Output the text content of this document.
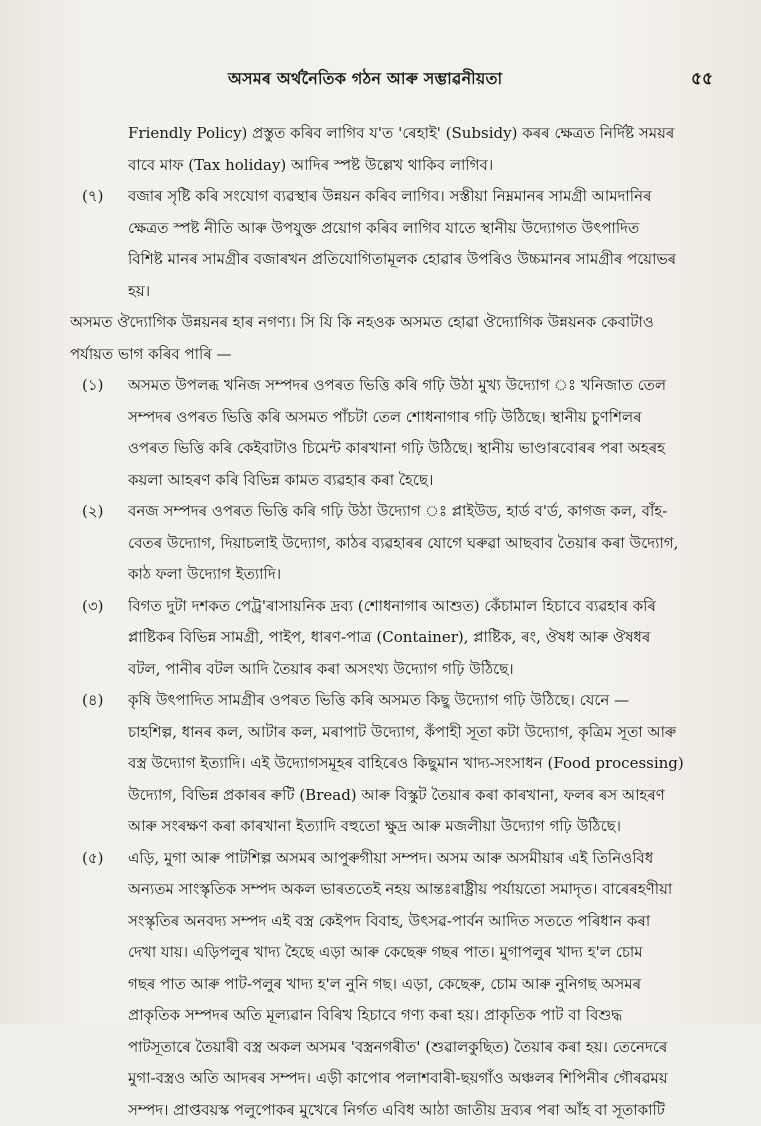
অসমৰ অৰ্থনৈতিক গঠন আৰু সম্ভাৱনীয়তা	৫৫
Friendly Policy) প্ৰস্তুত কৰিব লাগিব য'ত 'ৰেহাই' (Subsidy) কৰৰ ক্ষেত্ৰত নিৰ্দিষ্ট সময়ৰ
বাবে মাফ (Tax holiday) আদিৰ স্পষ্ট উল্লেখ থাকিব লাগিব।
(৭)	বজাৰ সৃষ্টি কৰি সংযোগ ব্যৱস্থাৰ উন্নয়ন কৰিব লাগিব। সস্তীয়া নিম্নমানৰ সামগ্ৰী আমদানিৰ
ক্ষেত্ৰত স্পষ্ট নীতি আৰু উপযুক্ত প্ৰয়োগ কৰিব লাগিব যাতে স্থানীয় উদ্যোগত উৎপাদিত
বিশিষ্ট মানৰ সামগ্ৰীৰ বজাৰখন প্ৰতিযোগিতামূলক হোৱাৰ উপৰিও উচ্চমানৰ সামগ্ৰীৰ পয়োভৰ
হয়।
অসমত ঔদ্যোগিক উন্নয়নৰ হাৰ নগণ্য। সি যি কি নহওক অসমত হোৱা ঔদ্যোগিক উন্নয়নক কেবাটাও
পৰ্যায়ত ভাগ কৰিব পাৰি —
(১)	অসমত উপলব্ধ খনিজ সম্পদৰ ওপৰত ভিত্তি কৰি গঢ়ি উঠা মুখ্য উদ্যোগ ঃ খনিজাত তেল
সম্পদৰ ওপৰত ভিত্তি কৰি অসমত পাঁচটা তেল শোধনাগাৰ গঢ়ি উঠিছে। স্থানীয় চুণশিলৰ
ওপৰত ভিত্তি কৰি কেইবাটাও চিমেন্ট কাৰখানা গঢ়ি উঠিছে। স্থানীয় ভাণ্ডাৰবোৰৰ পৰা অহৰহ
কয়লা আহৰণ কৰি বিভিন্ন কামত ব্যৱহাৰ কৰা হৈছে।
(২)	বনজ সম্পদৰ ওপৰত ভিত্তি কৰি গঢ়ি উঠা উদ্যোগ ঃ প্লাইউড, হাৰ্ড ব'ৰ্ড, কাগজ কল, বাঁহ-
বেতৰ উদ্যোগ, দিয়াচলাই উদ্যোগ, কাঠৰ ব্যৱহাৰৰ যোগে ঘৰুৱা আছবাব তৈয়াৰ কৰা উদ্যোগ,
কাঠ ফলা উদ্যোগ ইত্যাদি।
(৩)	বিগত দুটা দশকত পেট্ৰ'ৰাসায়নিক দ্ৰব্য (শোধনাগাৰ আশুত) কেঁচামাল হিচাবে ব্যৱহাৰ কৰি
প্লাষ্টিকৰ বিভিন্ন সামগ্ৰী, পাইপ, ধাৰণ-পাত্ৰ (Container), প্লাষ্টিক, ৰং, ঔষধ আৰু ঔষধৰ
বটল, পানীৰ বটল আদি তৈয়াৰ কৰা অসংখ্য উদ্যোগ গঢ়ি উঠিছে।
(৪)	কৃষি উৎপাদিত সামগ্ৰীৰ ওপৰত ভিত্তি কৰি অসমত কিছু উদ্যোগ গঢ়ি উঠিছে। যেনে —
চাহশিল্প, ধানৰ কল, আটাৰ কল, মৰাপাট উদ্যোগ, কঁপাহী সূতা কটা উদ্যোগ, কৃত্ৰিম সূতা আৰু
বস্ত্ৰ উদ্যোগ ইত্যাদি। এই উদ্যোগসমূহৰ বাহিৰেও কিছুমান খাদ্য-সংসাধন (Food processing)
উদ্যোগ, বিভিন্ন প্ৰকাৰৰ ৰুটি (Bread) আৰু বিস্কুট তৈয়াৰ কৰা কাৰখানা, ফলৰ ৰস আহৰণ
আৰু সংৰক্ষণ কৰা কাৰখানা ইত্যাদি বহুতো ক্ষুদ্ৰ আৰু মজলীয়া উদ্যোগ গঢ়ি উঠিছে।
(৫)	এড়ি, মুগা আৰু পাটশিল্প অসমৰ আপুৰুগীয়া সম্পদ। অসম আৰু অসমীয়াৰ এই তিনিওবিধ
অন্যতম সাংস্কৃতিক সম্পদ অকল ভাৰততেই নহয় আন্তঃৰাষ্ট্ৰীয় পৰ্যায়তো সমাদৃত। বাৰেৰহণীয়া
সংস্কৃতিৰ অনবদ্য সম্পদ এই বস্ত্ৰ কেইপদ বিবাহ, উৎসৱ-পাৰ্বন আদিত সততে পৰিধান কৰা
দেখা যায়। এড়িপলুৰ খাদ্য হৈছে এড়া আৰু কেছেৰু গছৰ পাত। মুগাপলুৰ খাদ্য হ'ল চোম
গছৰ পাত আৰু পাট-পলুৰ খাদ্য হ'ল নুনি গছ। এড়া, কেছেৰু, চোম আৰু নুনিগছ অসমৰ
প্ৰাকৃতিক সম্পদৰ অতি মূল্যৱান বিৰিখ হিচাবে গণ্য কৰা হয়। প্ৰাকৃতিক পাট বা বিশুদ্ধ
পাটসূতাৰে তৈয়াৰী বস্ত্ৰ অকল অসমৰ 'বস্ত্ৰনগৰীত' (শুৱালকুছিত) তৈয়াৰ কৰা হয়। তেনেদৰে
মুগা-বস্ত্ৰও অতি আদৰৰ সম্পদ। এড়ী কাপোৰ পলাশবাৰী-ছয়গাঁও অঞ্চলৰ শিপিনীৰ গৌৰৱময়
সম্পদ। প্ৰাপ্তবয়স্ক পলুপোকৰ মুখেৰে নিৰ্গত এবিধ আঠা জাতীয় দ্ৰব্যৰ পৰা আঁহ বা সূতাকাটি
